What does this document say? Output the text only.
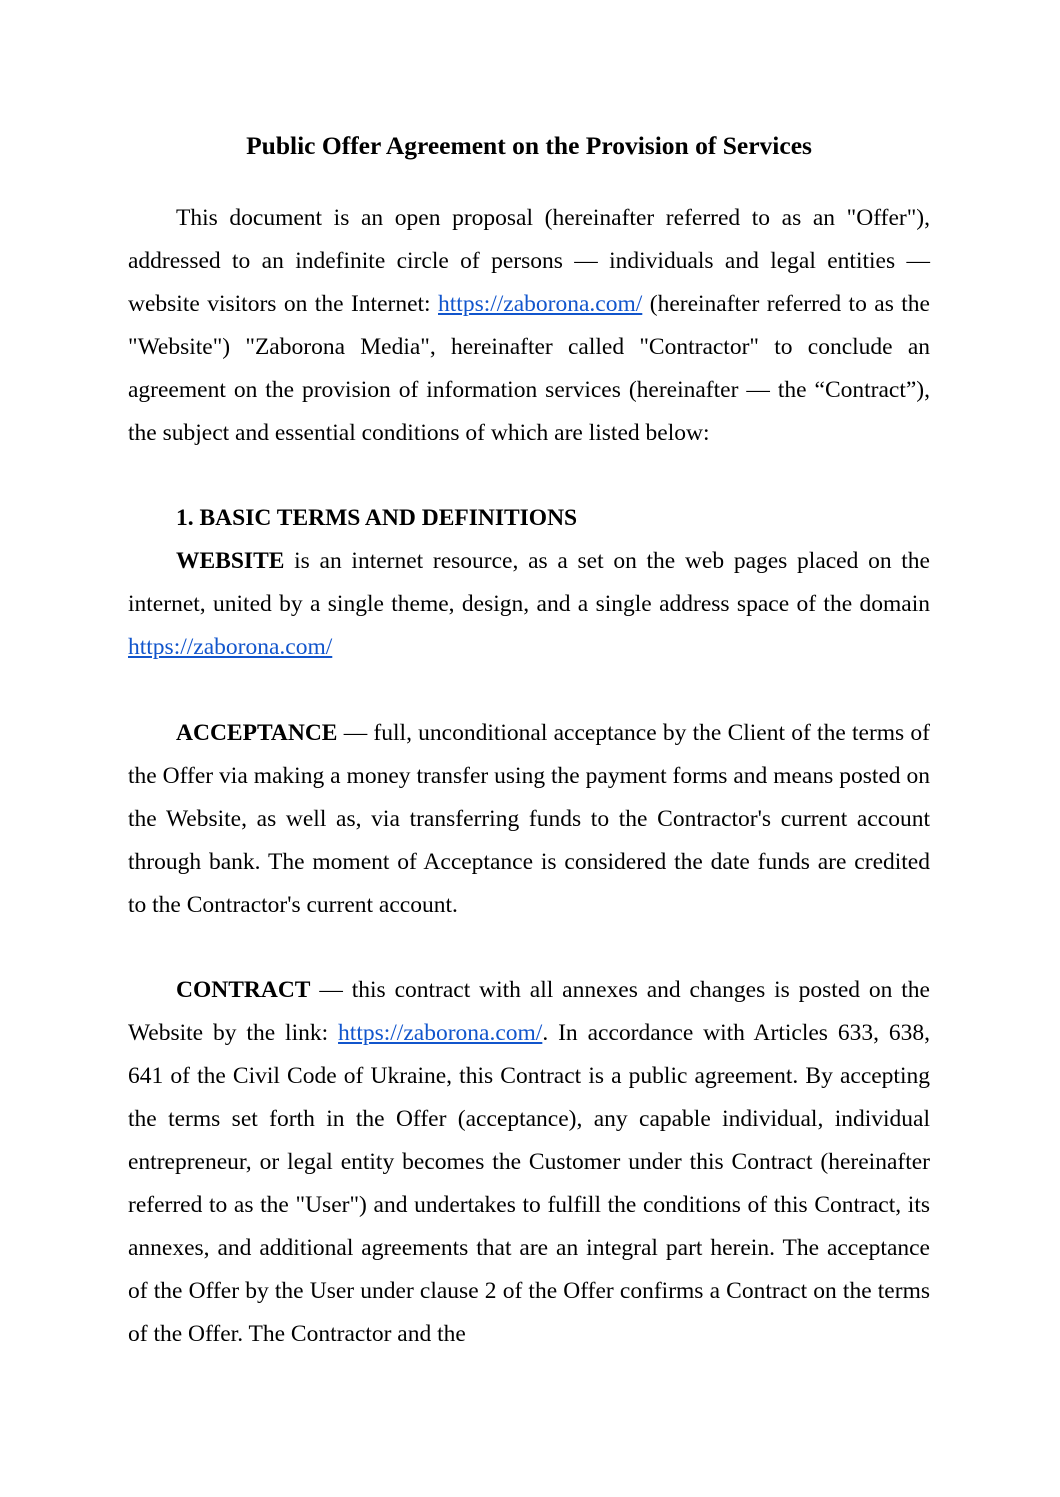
Public Offer Agreement on the Provision of Services

This document is an open proposal (hereinafter referred to as an "Offer"), addressed to an indefinite circle of persons — individuals and legal entities — website visitors on the Internet: https://zaborona.com/ (hereinafter referred to as the "Website") "Zaborona Media", hereinafter called "Contractor" to conclude an agreement on the provision of information services (hereinafter — the “Contract”), the subject and essential conditions of which are listed below:

1. BASIC TERMS AND DEFINITIONS

WEBSITE is an internet resource, as a set on the web pages placed on the internet, united by a single theme, design, and a single address space of the domain https://zaborona.com/

ACCEPTANCE — full, unconditional acceptance by the Client of the terms of the Offer via making a money transfer using the payment forms and means posted on the Website, as well as, via transferring funds to the Contractor's current account through bank. The moment of Acceptance is considered the date funds are credited to the Contractor's current account.

CONTRACT — this contract with all annexes and changes is posted on the Website by the link: https://zaborona.com/. In accordance with Articles 633, 638, 641 of the Civil Code of Ukraine, this Contract is a public agreement. By accepting the terms set forth in the Offer (acceptance), any capable individual, individual entrepreneur, or legal entity becomes the Customer under this Contract (hereinafter referred to as the "User") and undertakes to fulfill the conditions of this Contract, its annexes, and additional agreements that are an integral part herein. The acceptance of the Offer by the User under clause 2 of the Offer confirms a Contract on the terms of the Offer. The Contractor and the
